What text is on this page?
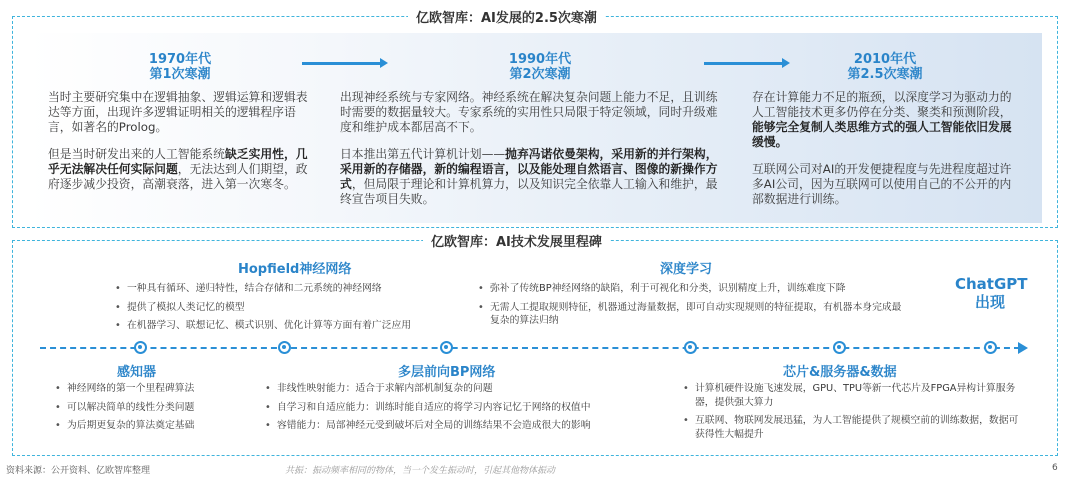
亿欧智库：AI发展的2.5次寒潮
1970年代
第1次寒潮
1990年代
第2次寒潮
2010年代
第2.5次寒潮
当时主要研究集中在逻辑抽象、逻辑运算和逻辑表达等方面，出现许多逻辑证明相关的逻辑程序语言，如著名的Prolog。
但是当时研发出来的人工智能系统缺乏实用性，几乎无法解决任何实际问题，无法达到人们期望，政府逐步减少投资，高潮衰落，进入第一次寒冬。
出现神经系统与专家网络。神经系统在解决复杂问题上能力不足，且训练时需要的数据量较大。专家系统的实用性只局限于特定领域，同时升级难度和维护成本都居高不下。
日本推出第五代计算机计划——抛弃冯诺依曼架构，采用新的并行架构，采用新的存储器，新的编程语言，以及能处理自然语言、图像的新操作方式，但局限于理论和计算机算力，以及知识完全依靠人工输入和维护，最终宣告项目失败。
存在计算能力不足的瓶颈，以深度学习为驱动力的人工智能技术更多仍停在分类、聚类和预测阶段，能够完全复制人类思维方式的强人工智能依旧发展缓慢。
互联网公司对AI的开发便捷程度与先进程度超过许多AI公司，因为互联网可以使用自己的不公开的内部数据进行训练。
亿欧智库：AI技术发展里程碑
Hopfield神经网络
• 一种具有循环、递归特性，结合存储和二元系统的神经网络
• 提供了模拟人类记忆的模型
• 在机器学习、联想记忆、模式识别、优化计算等方面有着广泛应用
深度学习
• 弥补了传统BP神经网络的缺陷，利于可视化和分类，识别精度上升，训练难度下降
• 无需人工提取规则特征，机器通过海量数据，即可自动实现规则的特征提取，有机器本身完成最复杂的算法归纳
ChatGPT
出现
感知器
• 神经网络的第一个里程碑算法
• 可以解决简单的线性分类问题
• 为后期更复杂的算法奠定基础
多层前向BP网络
• 非线性映射能力：适合于求解内部机制复杂的问题
• 自学习和自适应能力：训练时能自适应的将学习内容记忆于网络的权值中
• 容错能力：局部神经元受到破坏后对全局的训练结果不会造成很大的影响
芯片&服务器&数据
• 计算机硬件设施飞速发展，GPU、TPU等新一代芯片及FPGA异构计算服务器，提供强大算力
• 互联网、物联网发展迅猛，为人工智能提供了规模空前的训练数据，数据可获得性大幅提升
资料来源：公开资料、亿欧智库整理	共振：振动频率相同的物体，当一个发生振动时，引起其他物体振动	6
